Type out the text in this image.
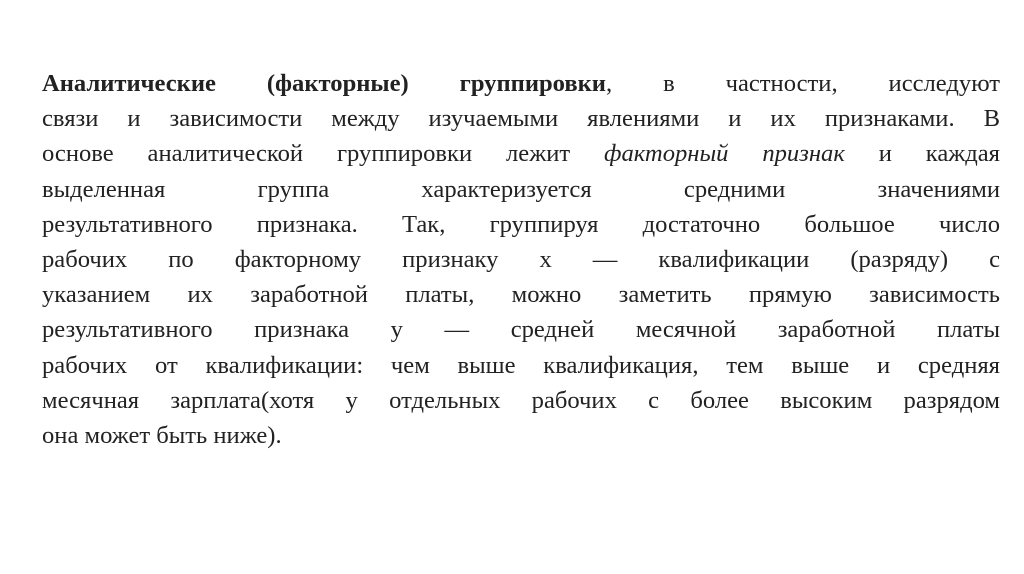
Аналитические (факторные) группировки, в частности, исследуют
связи и зависимости между изучаемыми явлениями и их признаками. В
основе аналитической группировки лежит факторный признак и каждая
выделенная группа характеризуется средними значениями
результативного признака. Так, группируя достаточно большое число
рабочих по факторному признаку х — квалификации (разряду) с
указанием их заработной платы, можно заметить прямую зависимость
результативного признака у — средней месячной заработной платы
рабочих от квалификации: чем выше квалификация, тем выше и средняя
месячная зарплата(хотя у отдельных рабочих с более высоким разрядом
она может быть ниже).
